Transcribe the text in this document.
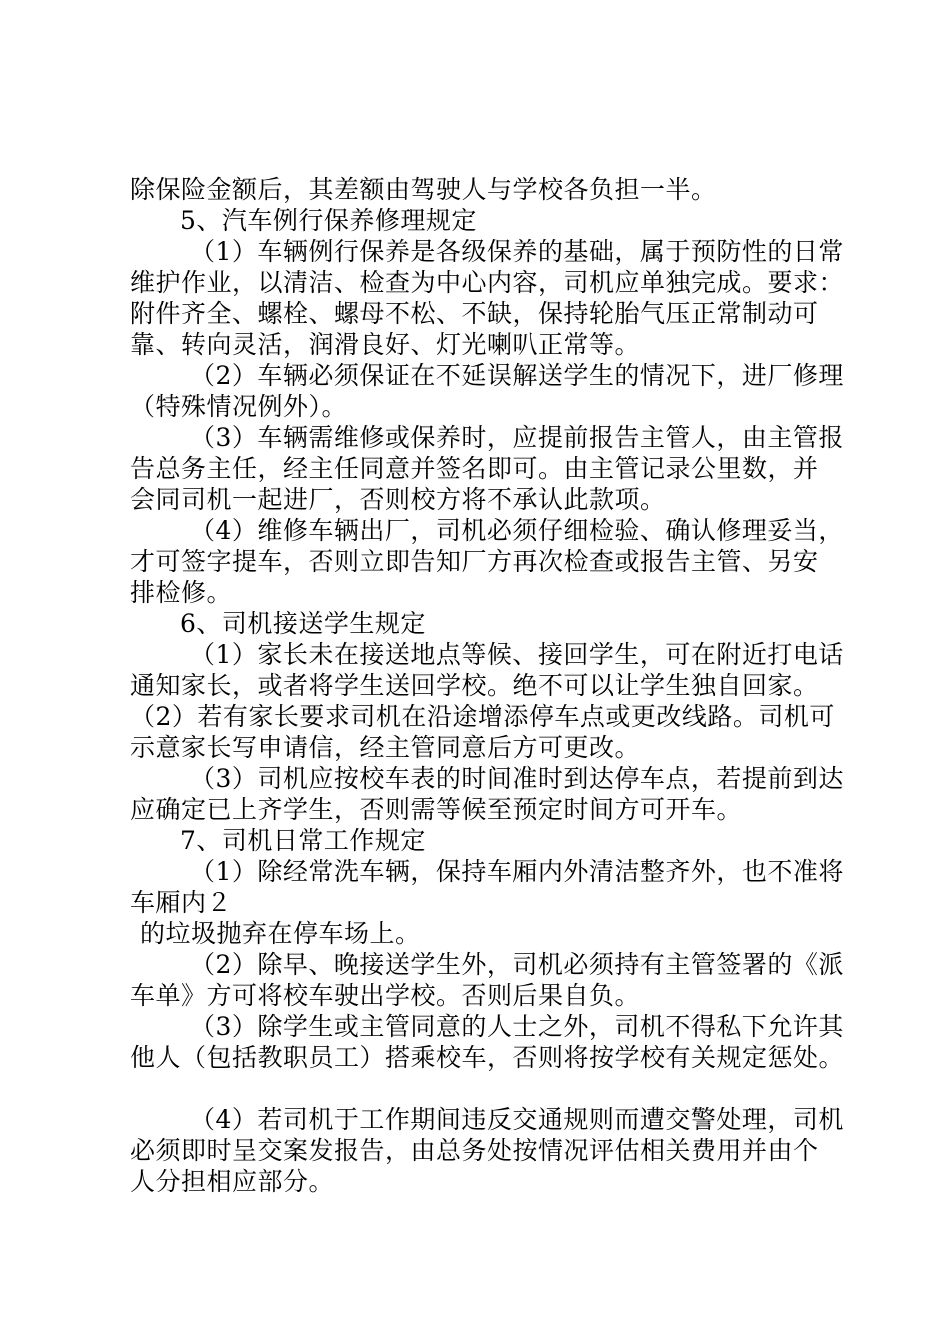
除保险金额后，其差额由驾驶人与学校各负担一半。
5、汽车例行保养修理规定
（1）车辆例行保养是各级保养的基础，属于预防性的日常
维护作业，以清洁、检查为中心内容，司机应单独完成。要求：
附件齐全、螺栓、螺母不松、不缺，保持轮胎气压正常制动可
靠、转向灵活，润滑良好、灯光喇叭正常等。
（2）车辆必须保证在不延误解送学生的情况下，进厂修理
（特殊情况例外）。
（3）车辆需维修或保养时，应提前报告主管人，由主管报
告总务主任，经主任同意并签名即可。由主管记录公里数，并
会同司机一起进厂，否则校方将不承认此款项。
（4）维修车辆出厂，司机必须仔细检验、确认修理妥当，
才可签字提车，否则立即告知厂方再次检查或报告主管、另安
排检修。
6、司机接送学生规定
（1）家长未在接送地点等候、接回学生，可在附近打电话
通知家长，或者将学生送回学校。绝不可以让学生独自回家。
（2）若有家长要求司机在沿途增添停车点或更改线路。司机可
示意家长写申请信，经主管同意后方可更改。
（3）司机应按校车表的时间准时到达停车点，若提前到达
应确定已上齐学生，否则需等候至预定时间方可开车。
7、司机日常工作规定
（1）除经常洗车辆，保持车厢内外清洁整齐外，也不准将
车厢内２
的垃圾抛弃在停车场上。
（2）除早、晚接送学生外，司机必须持有主管签署的《派
车单》方可将校车驶出学校。否则后果自负。
（3）除学生或主管同意的人士之外，司机不得私下允许其
他人（包括教职员工）搭乘校车，否则将按学校有关规定惩处。
（4）若司机于工作期间违反交通规则而遭交警处理，司机
必须即时呈交案发报告，由总务处按情况评估相关费用并由个
人分担相应部分。
